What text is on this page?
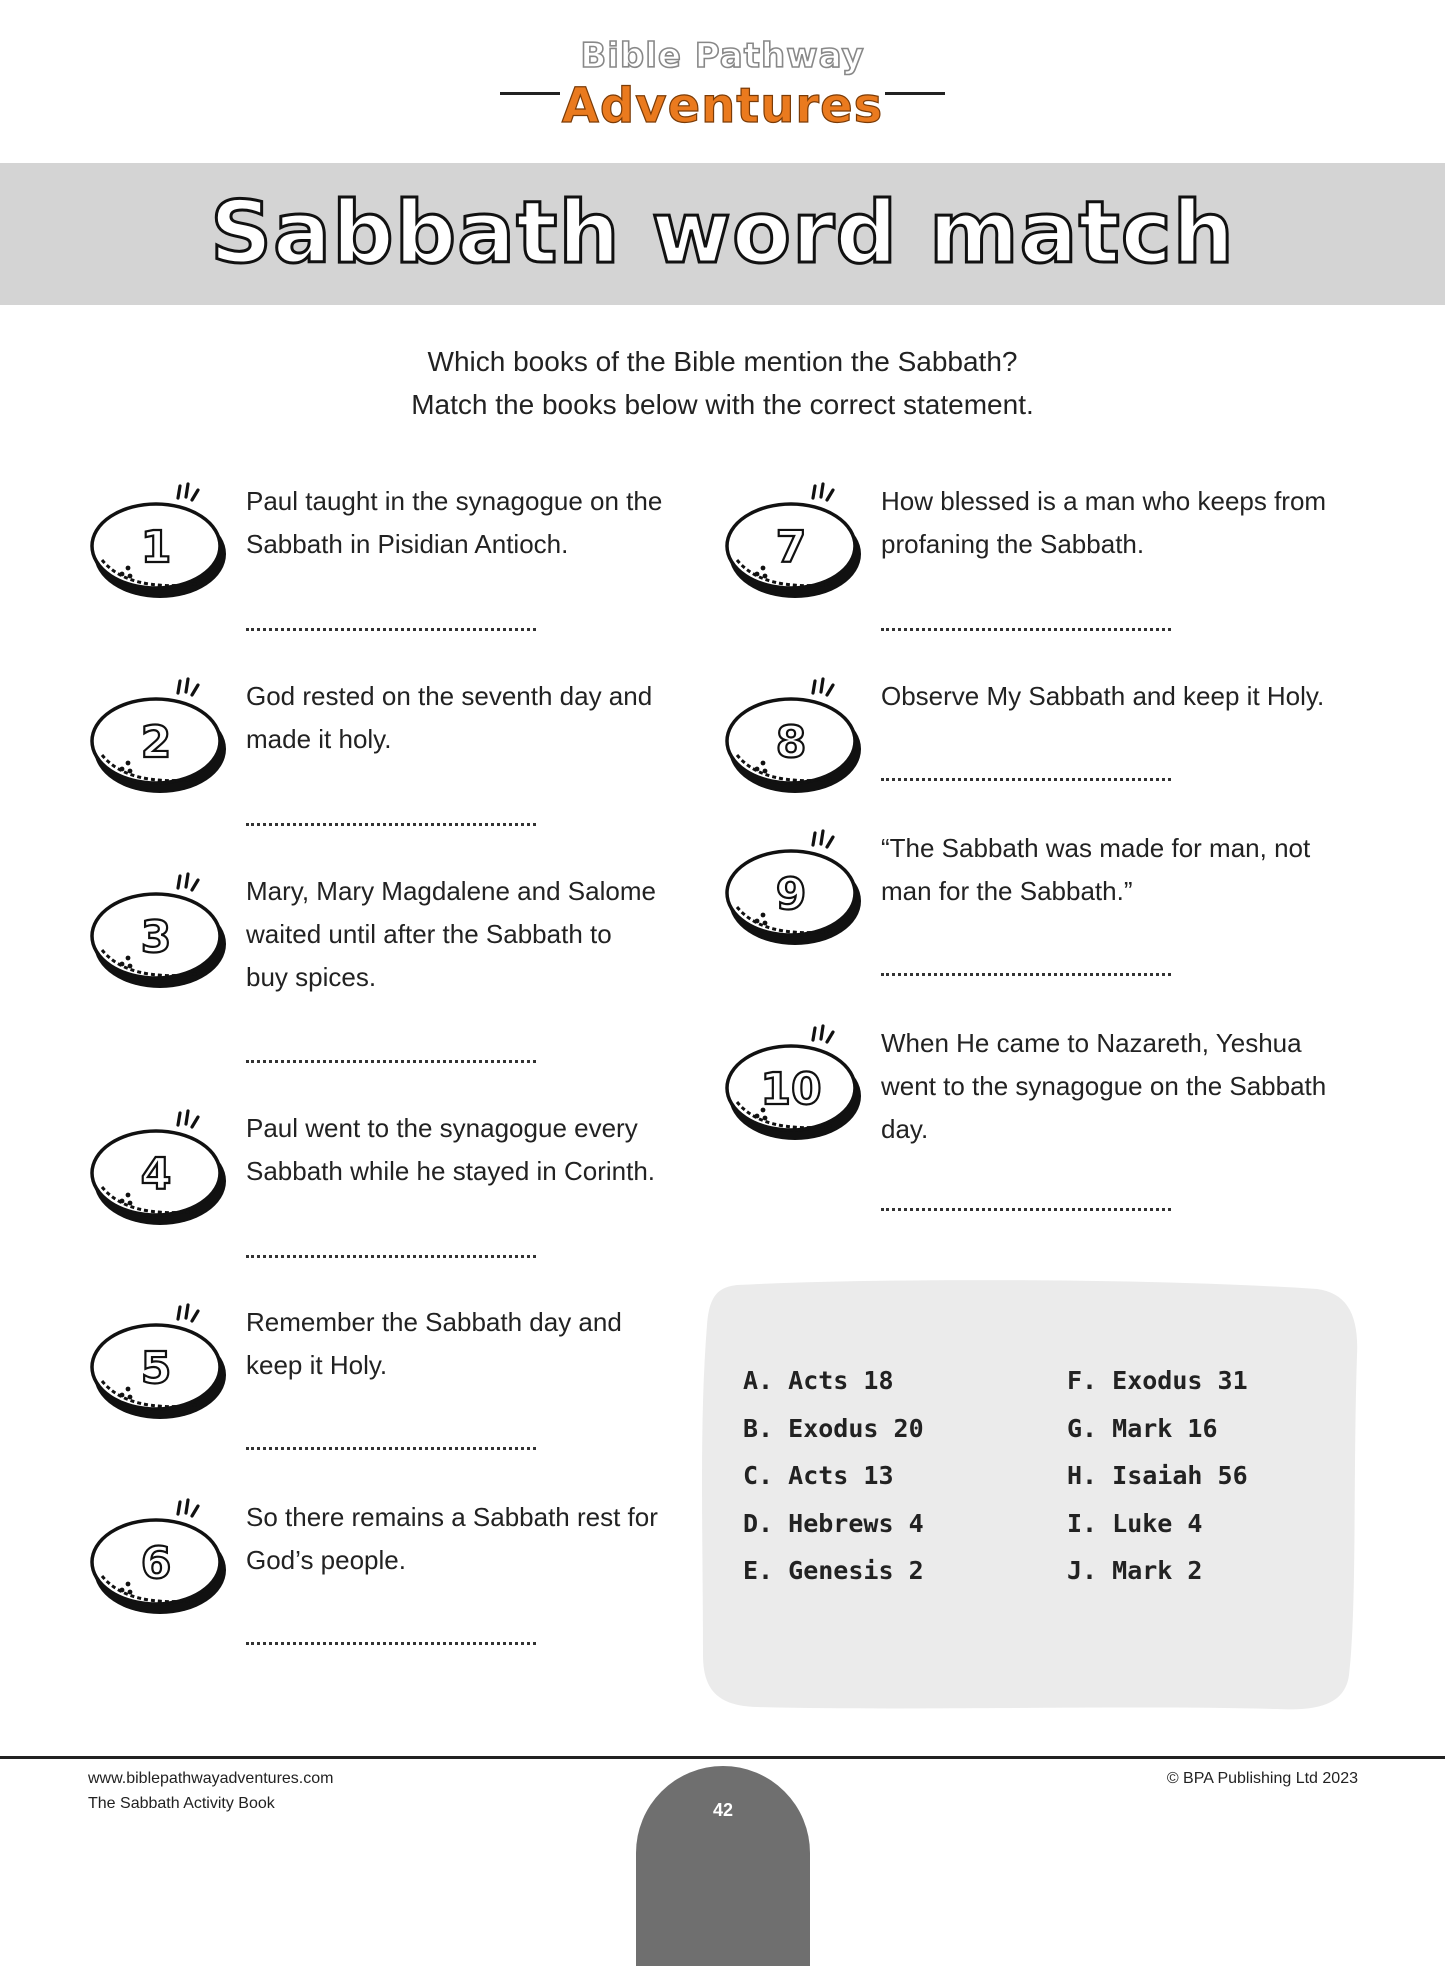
Bible Pathway
Adventures
Sabbath word match
Which books of the Bible mention the Sabbath?
Match the books below with the correct statement.
1
Paul taught in the synagogue on the
Sabbath in Pisidian Antioch.
2
God rested on the seventh day and
made it holy.
3
Mary, Mary Magdalene and Salome
waited until after the Sabbath to
buy spices.
4
Paul went to the synagogue every
Sabbath while he stayed in Corinth.
5
Remember the Sabbath day and
keep it Holy.
6
So there remains a Sabbath rest for
God’s people.
7
How blessed is a man who keeps from
profaning the Sabbath.
8
Observe My Sabbath and keep it Holy.
9
“The Sabbath was made for man, not
man for the Sabbath.”
10
When He came to Nazareth, Yeshua
went to the synagogue on the Sabbath
day.
A. Acts 18
B. Exodus 20
C. Acts 13
D. Hebrews 4
E. Genesis 2
F. Exodus 31
G. Mark 16
H. Isaiah 56
I. Luke 4
J. Mark 2
www.biblepathwayadventures.com
The Sabbath Activity Book
© BPA Publishing Ltd 2023
42
